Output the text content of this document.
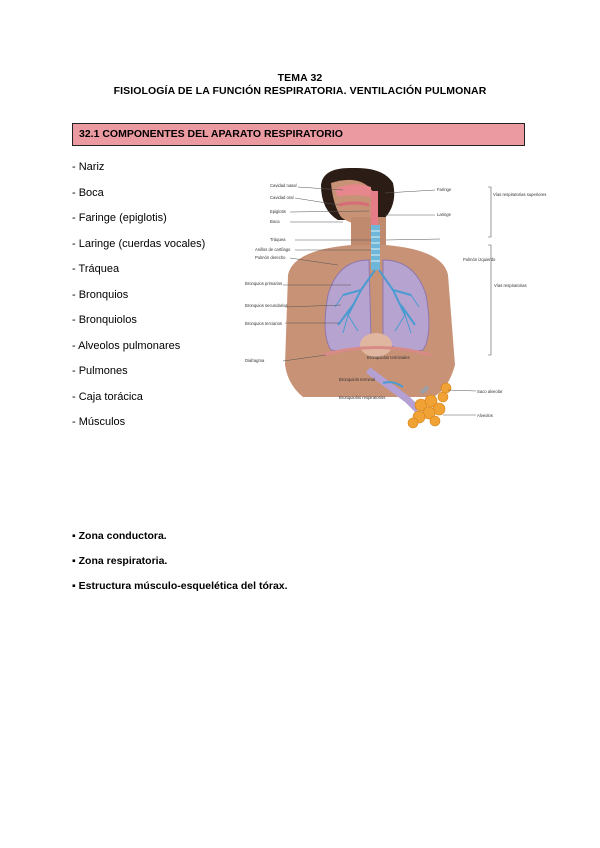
TEMA 32
FISIOLOGÍA DE LA FUNCIÓN RESPIRATORIA. VENTILACIÓN PULMONAR
32.1 COMPONENTES DEL APARATO RESPIRATORIO
- Nariz
- Boca
- Faringe (epiglotis)
- Laringe (cuerdas vocales)
- Tráquea
- Bronquios
- Bronquiolos
- Alveolos pulmonares
- Pulmones
- Caja torácica
- Músculos
Cavidad nasal
Cavidad oral
Epiglotis
Boca
Tráquea
Anillos de cartílago
Pulmón derecho
Bronquios primarios
Bronquios secundarios
Bronquios terciarios
Diafragma
Faringe
Laringe
Vías respiratorias superiores
Pulmón izquierdo
Vías respiratorias
Saco alveolar
Alveolos
Bronquiolos terminales
Bronquiolo terminal
Bronquiolos respiratorios
▪ Zona conductora.
▪ Zona respiratoria.
▪ Estructura músculo-esquelética del tórax.
